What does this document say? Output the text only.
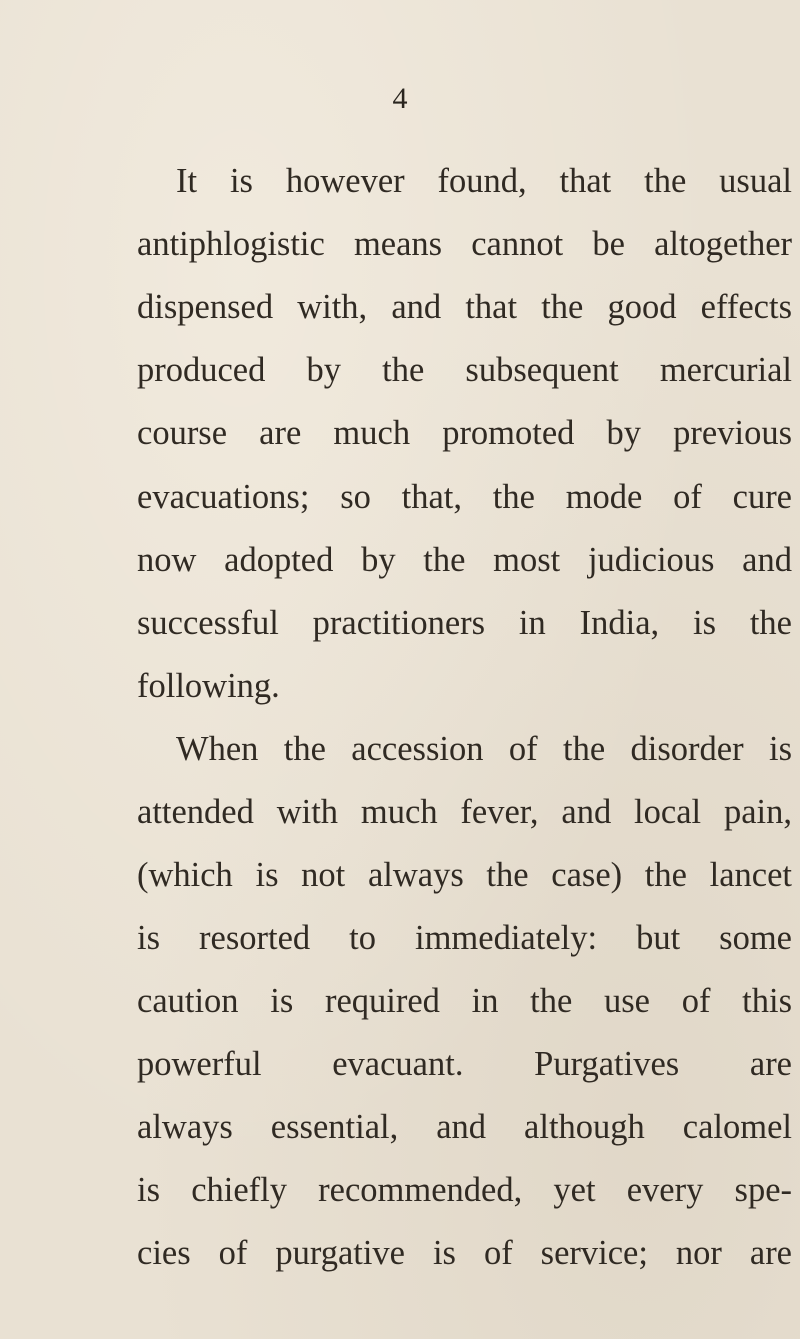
4
It is however found, that the usual
antiphlogistic means cannot be altogether
dispensed with, and that the good effects
produced by the subsequent mercurial
course are much promoted by previous
evacuations; so that, the mode of cure
now adopted by the most judicious and
successful practitioners in India, is the
following.
When the accession of the disorder is
attended with much fever, and local pain,
(which is not always the case) the lancet
is resorted to immediately: but some
caution is required in the use of this
powerful evacuant. Purgatives are
always essential, and although calomel
is chiefly recommended, yet every spe-
cies of purgative is of service; nor are
